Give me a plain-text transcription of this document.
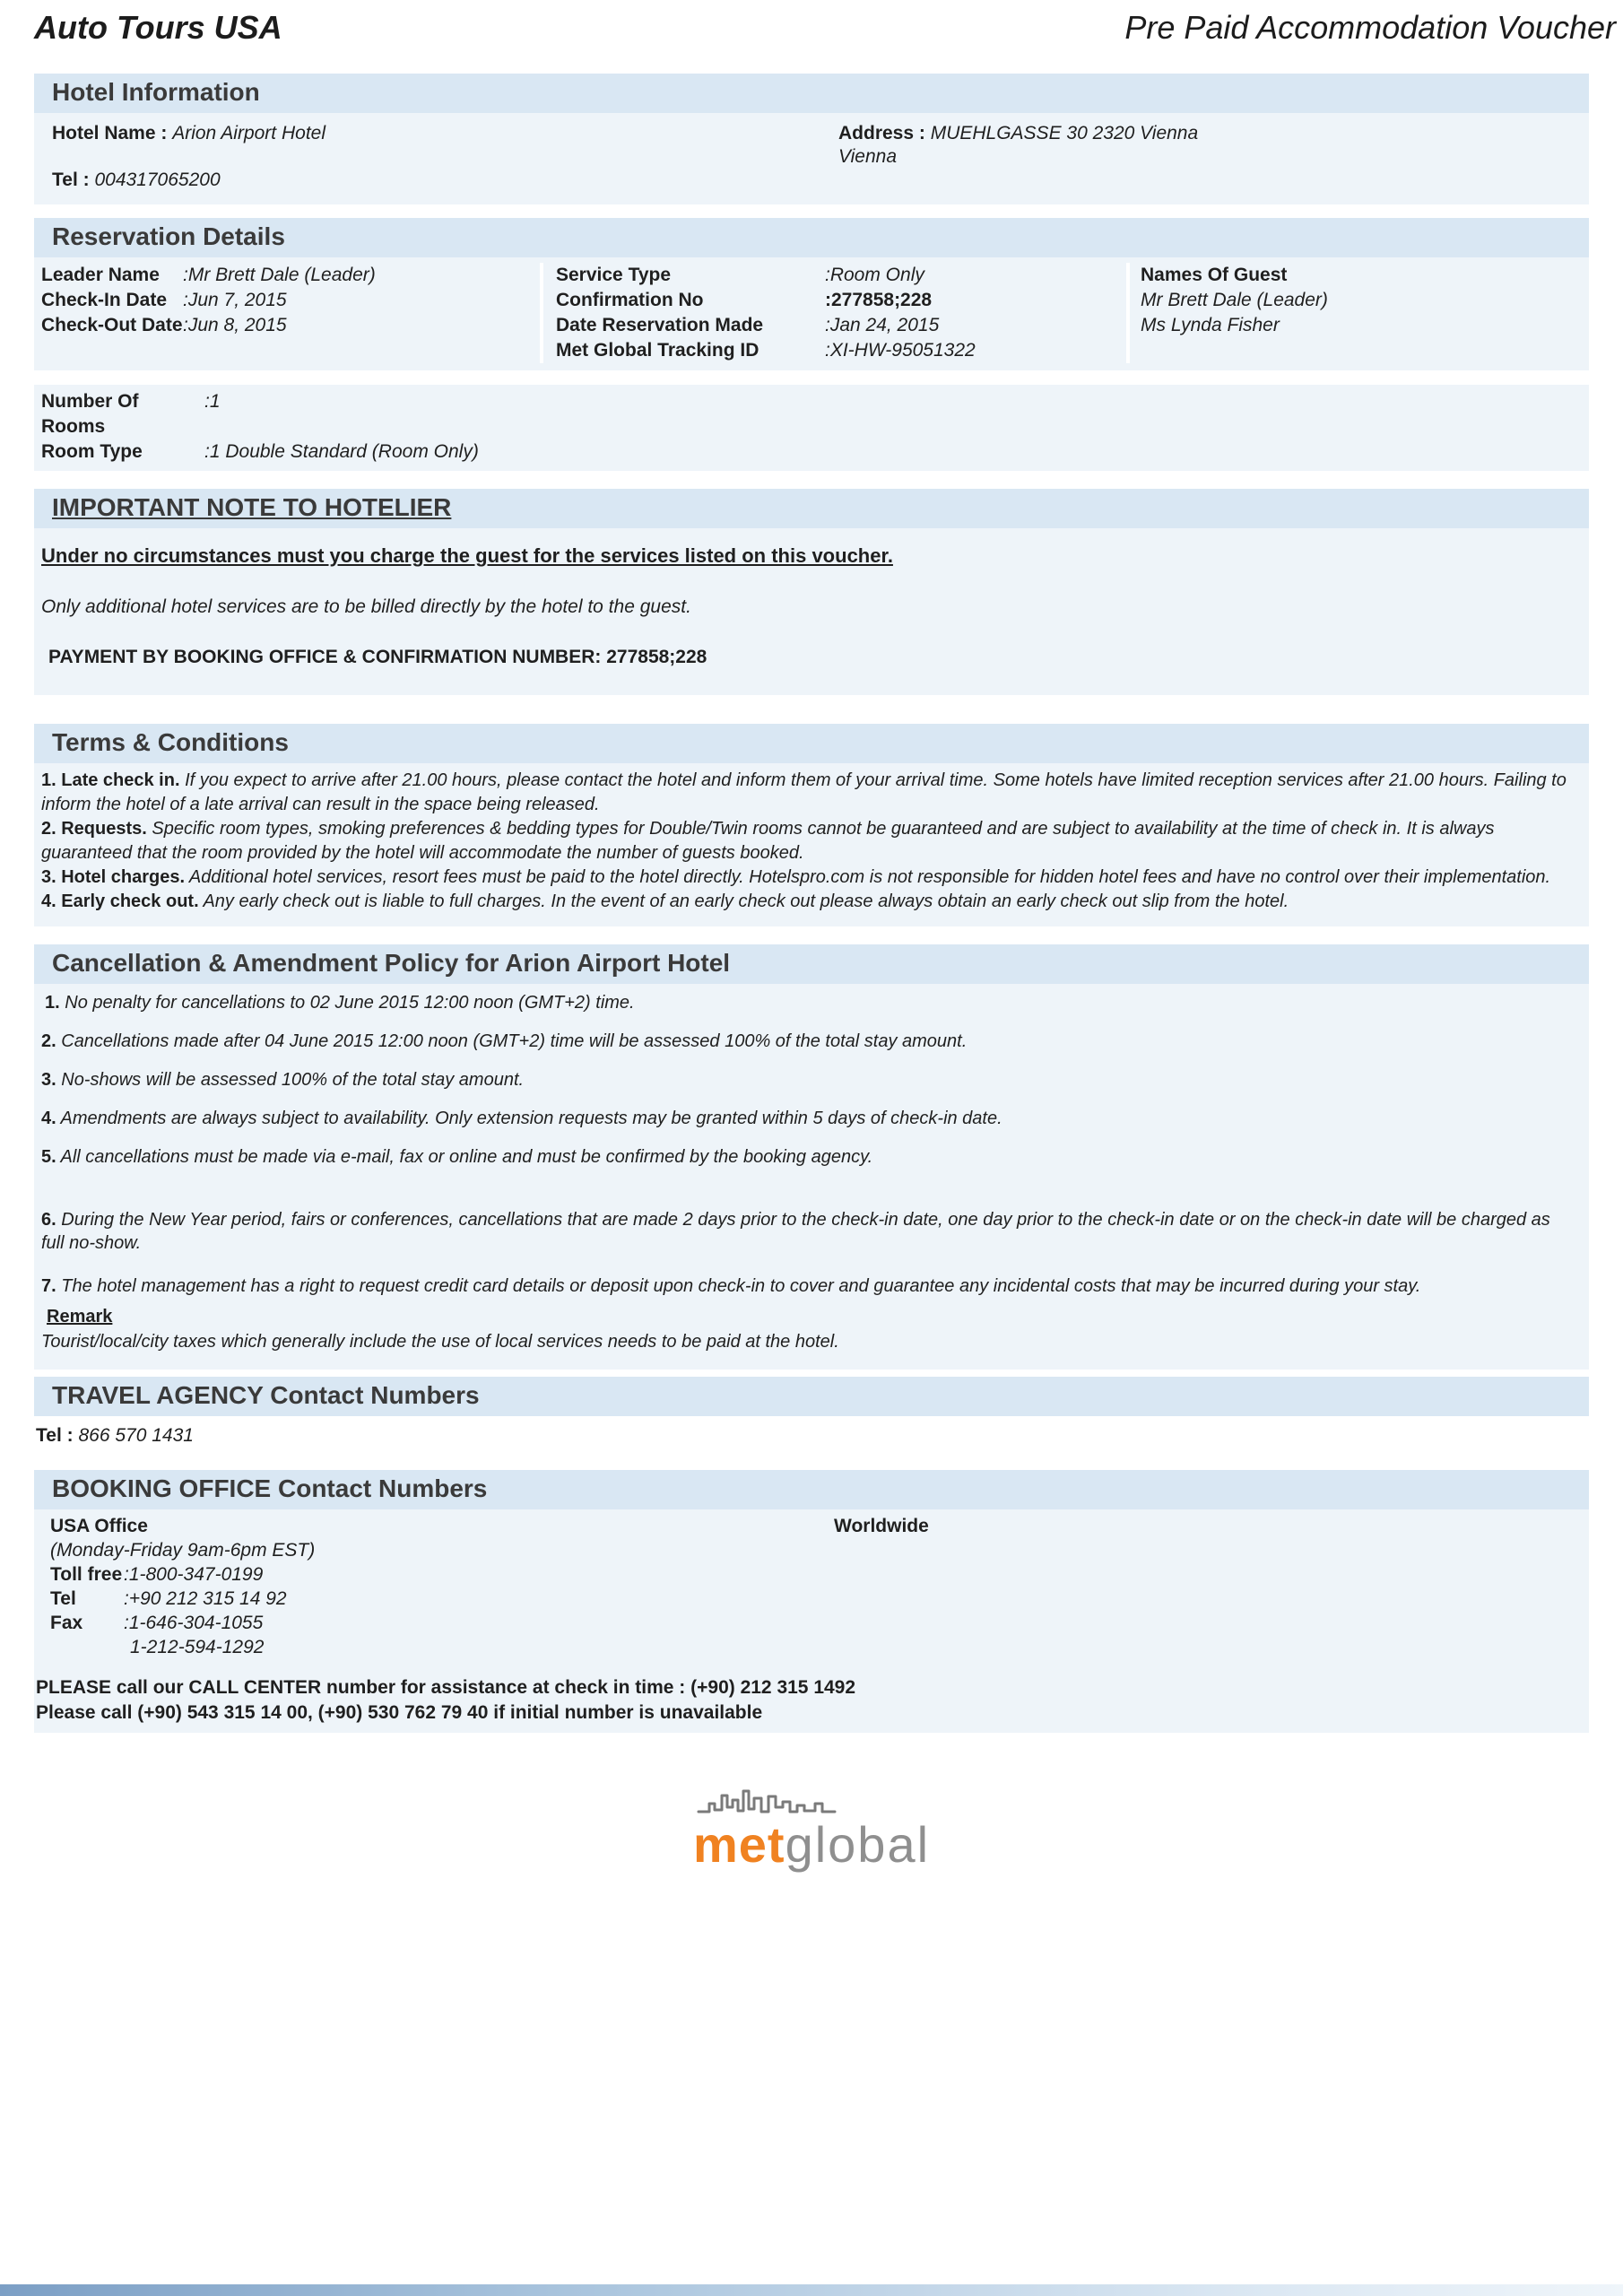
Auto Tours USA	Pre Paid Accommodation Voucher
Hotel Information
Hotel Name : Arion Airport Hotel
Tel : 004317065200
Address : MUEHLGASSE 30 2320 Vienna
Vienna
Reservation Details
Leader Name	:Mr Brett Dale (Leader)
Check-In Date :Jun 7, 2015
Check-Out Date :Jun 8, 2015
Service Type	:Room Only
Confirmation No	:277858;228
Date Reservation Made	:Jan 24, 2015
Met Global Tracking ID	:XI-HW-95051322
Names Of Guest
Mr Brett Dale (Leader)
Ms Lynda Fisher
Number Of Rooms
:1
Room Type	:1 Double Standard (Room Only)
IMPORTANT NOTE TO HOTELIER
Under no circumstances must you charge the guest for the services listed on this voucher.
Only additional hotel services are to be billed directly by the hotel to the guest.
PAYMENT BY BOOKING OFFICE & CONFIRMATION NUMBER: 277858;228
Terms & Conditions

1. Late check in. If you expect to arrive after 21.00 hours, please contact the hotel and inform them of your arrival time. Some hotels have limited reception services after 21.00 hours. Failing to inform the hotel of a late arrival can result in the space being released.

2. Requests. Specific room types, smoking preferences & bedding types for Double/Twin rooms cannot be guaranteed and are subject to availability at the time of check in. It is always guaranteed that the room provided by the hotel will accommodate the number of guests booked.

3. Hotel charges. Additional hotel services, resort fees must be paid to the hotel directly. Hotelspro.com is not responsible for hidden hotel fees and have no control over their implementation.

4. Early check out. Any early check out is liable to full charges. In the event of an early check out please always obtain an early check out slip from the hotel.

Cancellation & Amendment Policy for Arion Airport Hotel

1. No penalty for cancellations to 02 June 2015 12:00 noon (GMT+2) time.

2. Cancellations made after 04 June 2015 12:00 noon (GMT+2) time will be assessed 100% of the total stay amount.

3. No-shows will be assessed 100% of the total stay amount.

4. Amendments are always subject to availability. Only extension requests may be granted within 5 days of check-in date.

5. All cancellations must be made via e-mail, fax or online and must be confirmed by the booking agency.

6. During the New Year period, fairs or conferences, cancellations that are made 2 days prior to the check-in date, one day prior to the check-in date or on the check-in date will be charged as full no-show.

7. The hotel management has a right to request credit card details or deposit upon check-in to cover and guarantee any incidental costs that may be incurred during your stay.

Remark
Tourist/local/city taxes which generally include the use of local services needs to be paid at the hotel.
TRAVEL AGENCY Contact Numbers
Tel : 866 570 1431
BOOKING OFFICE Contact Numbers
USA Office	Worldwide
(Monday-Friday 9am-6pm EST)
Toll free :1-800-347-0199
Tel	:+90 212 315 14 92
Fax	:1-646-304-1055
1-212-594-1292
PLEASE call our CALL CENTER number for assistance at check in time : (+90) 212 315 1492
Please call (+90) 543 315 14 00, (+90) 530 762 79 40 if initial number is unavailable
met global
